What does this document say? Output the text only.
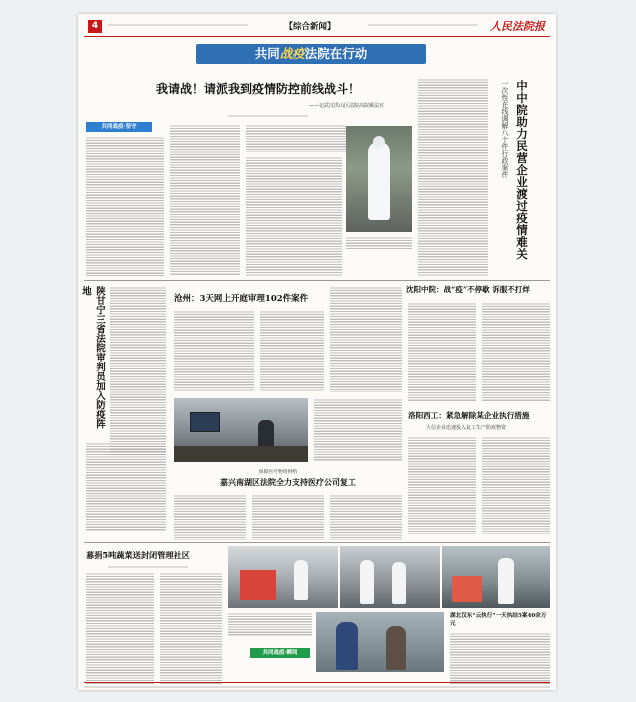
4	【综合新闻】	人民法院报
共同战疫法院在行动
我请战！请派我到疫情防控前线战斗！
——记武汉洪山区法院高院姚法官
共同战疫·坚守	中中院助力民营企业渡过疫情难关
一次性在线调解八十件行政案件
陕甘宁三省法院审判员加入防疫阵地
沧州：3天网上开庭审理102件案件
沈阳中院：战“疫”不停歇 诉服不打烊
洛阳西工：紧急解除某企业执行措施
大信企业迅速投入复工生产防疫物资
保障医疗物资供给
嘉兴南湖区法院全力支持医疗公司复工
募捐5吨蔬菜送封闭管理社区
湖北汉东“云执行”一天执结5案40余万元
共同战疫·瞬间
